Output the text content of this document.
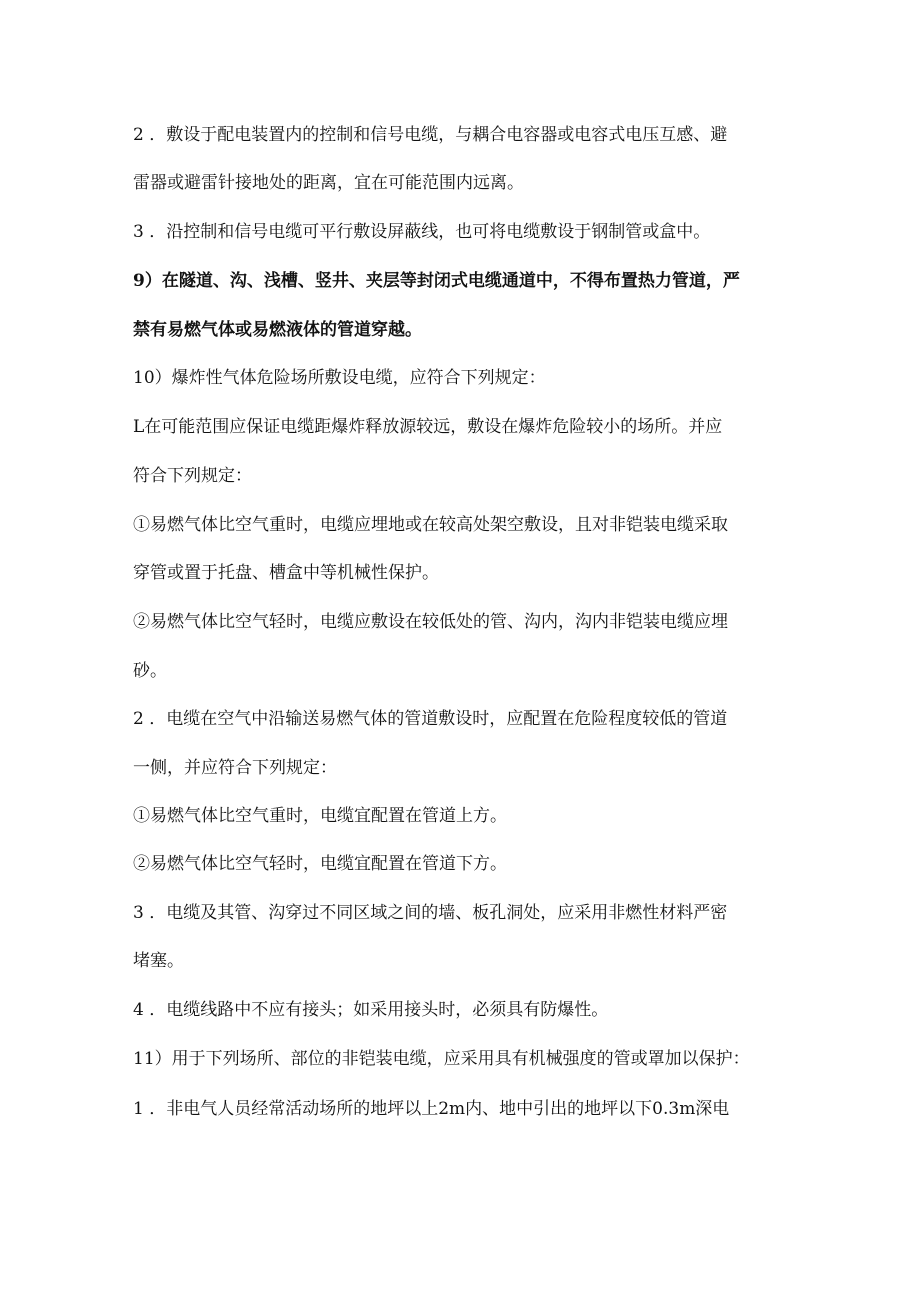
2 ．敷设于配电装置内的控制和信号电缆，与耦合电容器或电容式电压互感、避
雷器或避雷针接地处的距离，宜在可能范围内远离。
3 ．沿控制和信号电缆可平行敷设屏蔽线，也可将电缆敷设于钢制管或盒中。
9）在隧道、沟、浅槽、竖井、夹层等封闭式电缆通道中，不得布置热力管道，严
禁有易燃气体或易燃液体的管道穿越。
10）爆炸性气体危险场所敷设电缆，应符合下列规定：
L在可能范围应保证电缆距爆炸释放源较远，敷设在爆炸危险较小的场所。并应
符合下列规定：
①易燃气体比空气重时，电缆应埋地或在较高处架空敷设，且对非铠装电缆采取
穿管或置于托盘、槽盒中等机械性保护。
②易燃气体比空气轻时，电缆应敷设在较低处的管、沟内，沟内非铠装电缆应埋
砂。
2 ．电缆在空气中沿输送易燃气体的管道敷设时，应配置在危险程度较低的管道
一侧，并应符合下列规定：
①易燃气体比空气重时，电缆宜配置在管道上方。
②易燃气体比空气轻时，电缆宜配置在管道下方。
3 ．电缆及其管、沟穿过不同区域之间的墙、板孔洞处，应采用非燃性材料严密
堵塞。
4 ．电缆线路中不应有接头；如采用接头时，必须具有防爆性。
11）用于下列场所、部位的非铠装电缆，应采用具有机械强度的管或罩加以保护：
1 ．非电气人员经常活动场所的地坪以上2m内、地中引出的地坪以下0.3m深电
